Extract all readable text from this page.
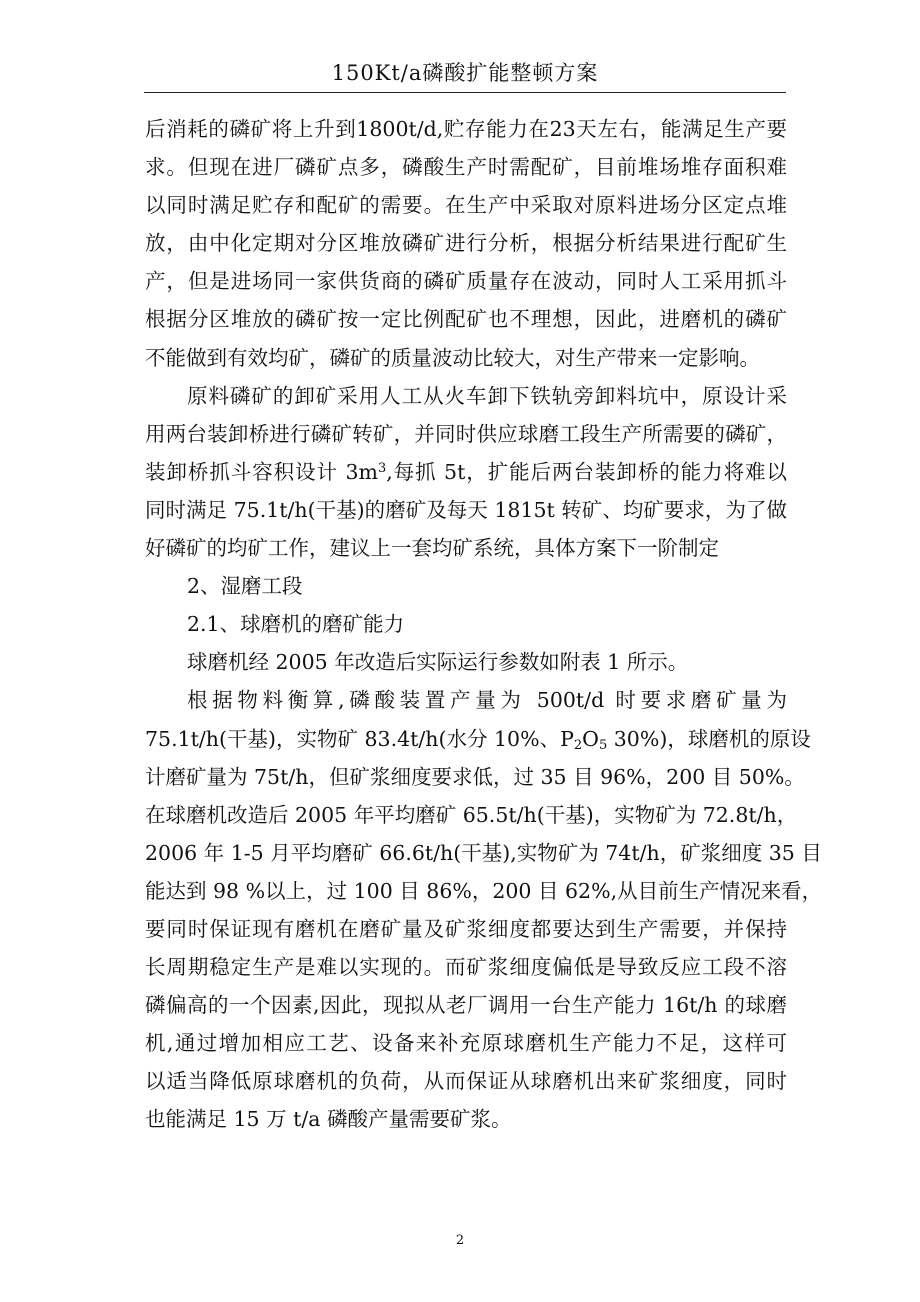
150Kt/a磷酸扩能整顿方案
后消耗的磷矿将上升到1800t/d,贮存能力在23天左右，能满足生产要
求。但现在进厂磷矿点多，磷酸生产时需配矿，目前堆场堆存面积难
以同时满足贮存和配矿的需要。在生产中采取对原料进场分区定点堆
放，由中化定期对分区堆放磷矿进行分析，根据分析结果进行配矿生
产，但是进场同一家供货商的磷矿质量存在波动，同时人工采用抓斗
根据分区堆放的磷矿按一定比例配矿也不理想，因此，进磨机的磷矿
不能做到有效均矿，磷矿的质量波动比较大，对生产带来一定影响。
原料磷矿的卸矿采用人工从火车卸下铁轨旁卸料坑中，原设计采
用两台装卸桥进行磷矿转矿，并同时供应球磨工段生产所需要的磷矿，
装卸桥抓斗容积设计 $3m^3$,每抓 5t，扩能后两台装卸桥的能力将难以
同时满足 75.1t/h(干基)的磨矿及每天 1815t 转矿、均矿要求，为了做
好磷矿的均矿工作，建议上一套均矿系统，具体方案下一阶制定
2、湿磨工段
2.1、球磨机的磨矿能力
球磨机经 2005 年改造后实际运行参数如附表 1 所示。
根据物料衡算,磷酸装置产量为 500t/d 时要求磨矿量为
75.1t/h(干基)，实物矿 83.4t/h(水分 10%、$P_2O_5$ 30%)，球磨机的原设
计磨矿量为 75t/h，但矿浆细度要求低，过 35 目 96%，200 目 50%。
在球磨机改造后 2005 年平均磨矿 65.5t/h(干基)，实物矿为 72.8t/h，
2006 年 1-5 月平均磨矿 66.6t/h(干基),实物矿为 74t/h，矿浆细度 35 目
能达到 98 %以上，过 100 目 86%，200 目 62%,从目前生产情况来看，
要同时保证现有磨机在磨矿量及矿浆细度都要达到生产需要，并保持
长周期稳定生产是难以实现的。而矿浆细度偏低是导致反应工段不溶
磷偏高的一个因素,因此，现拟从老厂调用一台生产能力 16t/h 的球磨
机,通过增加相应工艺、设备来补充原球磨机生产能力不足，这样可
以适当降低原球磨机的负荷，从而保证从球磨机出来矿浆细度，同时
也能满足 15 万 t/a 磷酸产量需要矿浆。
2
